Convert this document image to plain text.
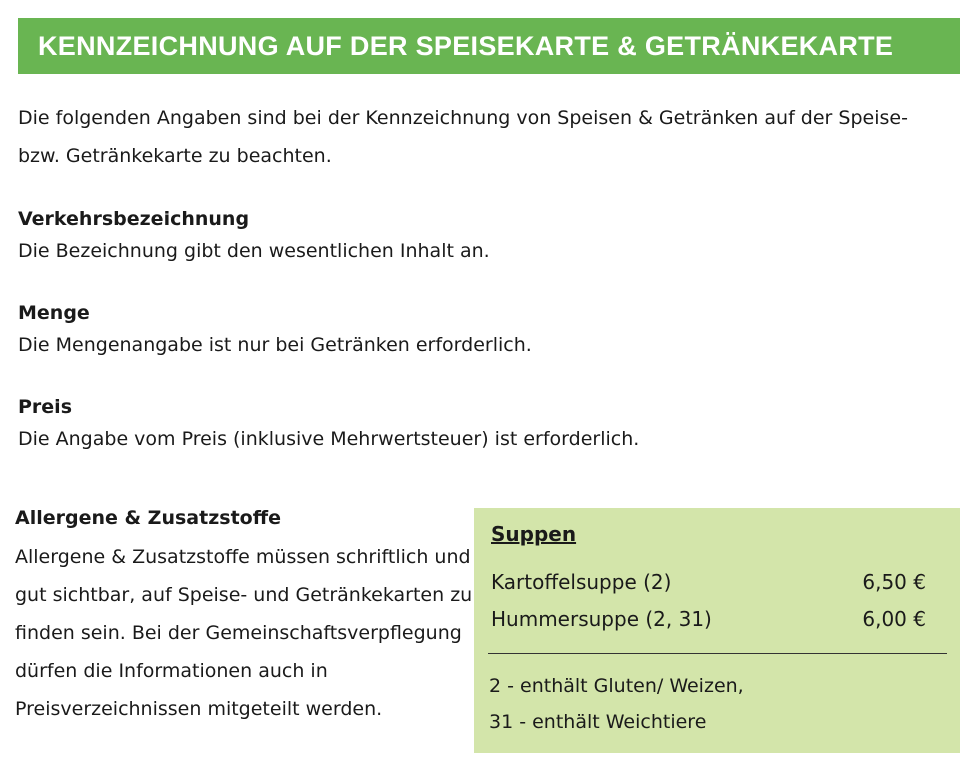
KENNZEICHNUNG AUF DER SPEISEKARTE & GETRÄNKEKARTE

Die folgenden Angaben sind bei der Kennzeichnung von Speisen & Getränken auf der Speise- bzw. Getränkekarte zu beachten.

Verkehrsbezeichnung

Die Bezeichnung gibt den wesentlichen Inhalt an.

Menge

Die Mengenangabe ist nur bei Getränken erforderlich.

Preis

Die Angabe vom Preis (inklusive Mehrwertsteuer) ist erforderlich.

Allergene & Zusatzstoffe

Allergene & Zusatzstoffe müssen schriftlich und gut sichtbar, auf Speise- und Getränkekarten zu finden sein. Bei der Gemeinschaftsverpflegung dürfen die Informationen auch in Preisverzeichnissen mitgeteilt werden.

Suppen
Kartoffelsuppe (2)	6,50 €
Hummersuppe (2, 31)	6,00 €
2 - enthält Gluten/ Weizen,
31 - enthält Weichtiere
